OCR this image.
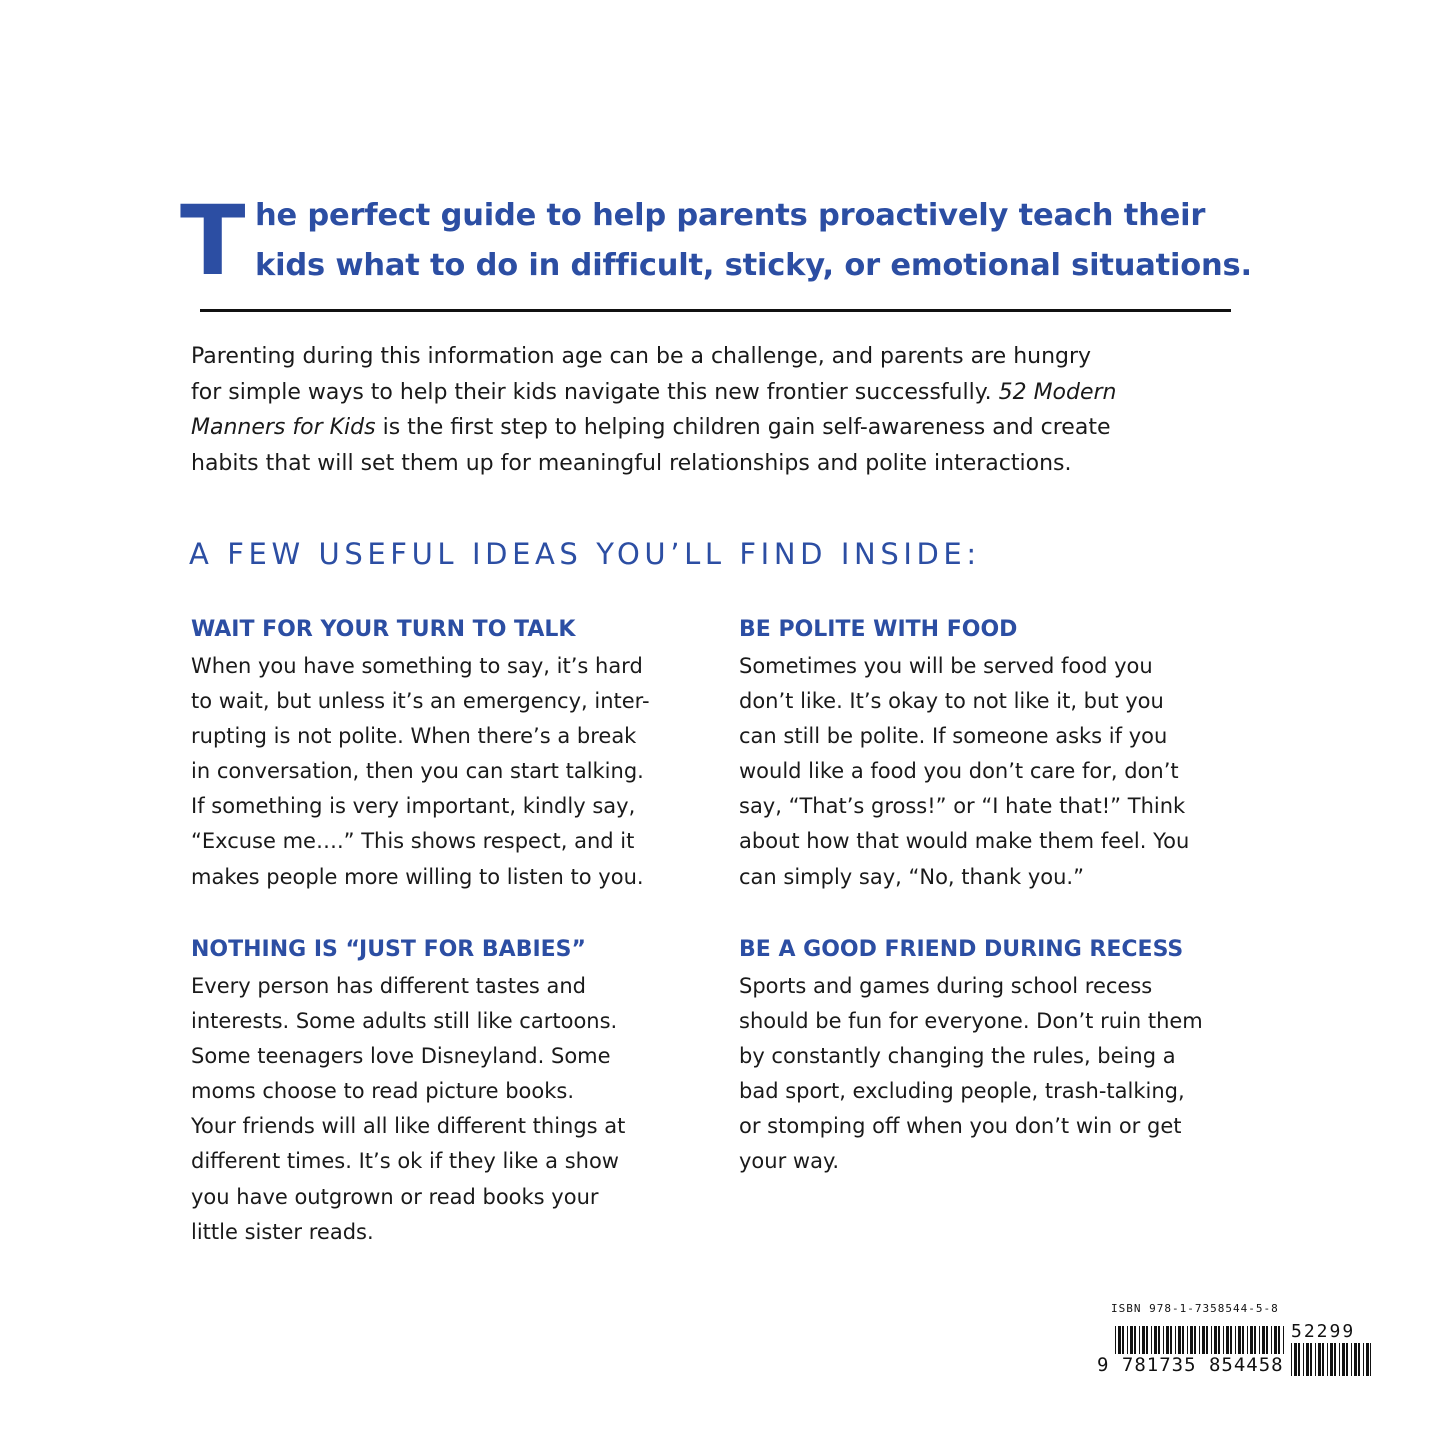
T he perfect guide to help parents proactively teach their
kids what to do in difficult, sticky, or emotional situations.
Parenting during this information age can be a challenge, and parents are hungry
for simple ways to help their kids navigate this new frontier successfully. 52 Modern
Manners for Kids is the first step to helping children gain self-awareness and create
habits that will set them up for meaningful relationships and polite interactions.
A FEW USEFUL IDEAS YOU’LL FIND INSIDE:
WAIT FOR YOUR TURN TO TALK
When you have something to say, it’s hard
to wait, but unless it’s an emergency, inter-
rupting is not polite. When there’s a break
in conversation, then you can start talking.
If something is very important, kindly say,
“Excuse me….” This shows respect, and it
makes people more willing to listen to you.
BE POLITE WITH FOOD
Sometimes you will be served food you
don’t like. It’s okay to not like it, but you
can still be polite. If someone asks if you
would like a food you don’t care for, don’t
say, “That’s gross!” or “I hate that!” Think
about how that would make them feel. You
can simply say, “No, thank you.”
NOTHING IS “JUST FOR BABIES”
Every person has different tastes and
interests. Some adults still like cartoons.
Some teenagers love Disneyland. Some
moms choose to read picture books.
Your friends will all like different things at
different times. It’s ok if they like a show
you have outgrown or read books your
little sister reads.
BE A GOOD FRIEND DURING RECESS
Sports and games during school recess
should be fun for everyone. Don’t ruin them
by constantly changing the rules, being a
bad sport, excluding people, trash-talking,
or stomping off when you don’t win or get
your way.
ISBN 978-1-7358544-5-8
52299
9 781735 854458
